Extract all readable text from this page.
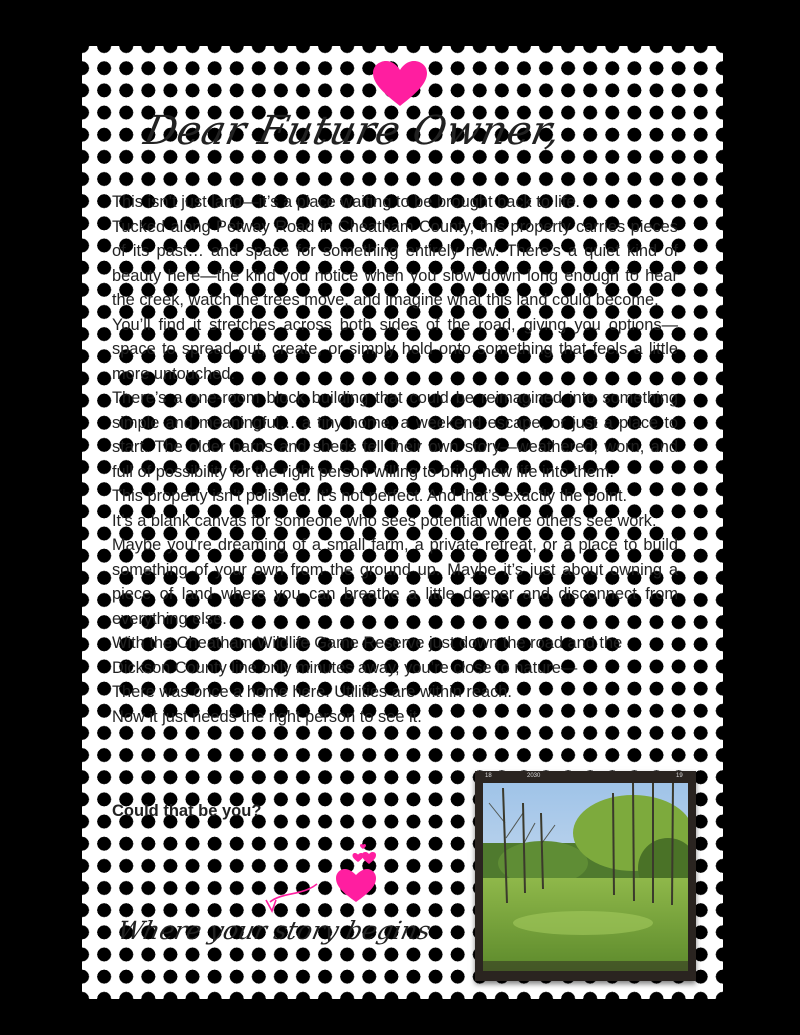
Dear Future Owner,

This isn’t just land—it’s a place waiting to be brought back to life.

Tucked along Petway Road in Cheatham County, this property carries pieces of its past… and space for something entirely new. There’s a quiet kind of beauty here—the kind you notice when you slow down long enough to hear the creek, watch the trees move, and imagine what this land could become.

You’ll find it stretches across both sides of the road, giving you options—space to spread out, create, or simply hold onto something that feels a little more untouched.

There’s a one-room block building that could be reimagined into something simple and meaningful… a tiny home, a weekend escape, or just a place to start. The older barns and sheds tell their own story—weathered, worn, and full of possibility for the right person willing to bring new life into them.

This property isn’t polished. It’s not perfect. And that’s exactly the point.

It’s a blank canvas for someone who sees potential where others see work.

Maybe you’re dreaming of a small farm, a private retreat, or a place to build something of your own from the ground up. Maybe it’s just about owning a piece of land where you can breathe a little deeper and disconnect from everything else.

With the Cheatham Wildlife Game Reserve just down the road and the Dickson County line only minutes away, you’re close to nature—

There was once a home here. Utilities are within reach.

Now it just needs the right person to see it.

Could that be you?
Where your story begins
18	2030	19
